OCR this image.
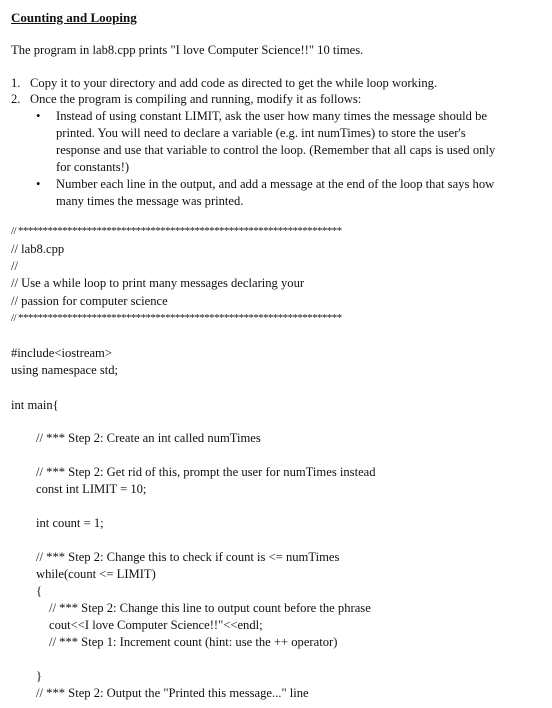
Counting and Looping
The program in lab8.cpp prints "I love Computer Science!!" 10 times.
1. Copy it to your directory and add code as directed to get the while loop working.
2. Once the program is compiling and running, modify it as follows:
• Instead of using constant LIMIT, ask the user how many times the message should be
printed. You will need to declare a variable (e.g. int numTimes) to store the user's
response and use that variable to control the loop. (Remember that all caps is used only
for constants!)
• Number each line in the output, and add a message at the end of the loop that says how
many times the message was printed.
// ******************************************************************
// lab8.cpp
//
// Use a while loop to print many messages declaring your
// passion for computer science
// ******************************************************************
#include<iostream>
using namespace std;
int main{
// *** Step 2: Create an int called numTimes
// *** Step 2: Get rid of this, prompt the user for numTimes instead
const int LIMIT = 10;
int count = 1;
// *** Step 2: Change this to check if count is <= numTimes
while(count <= LIMIT)
{
// *** Step 2: Change this line to output count before the phrase
cout<<I love Computer Science!!"<<endl;
// *** Step 1: Increment count (hint: use the ++ operator)
}
// *** Step 2: Output the "Printed this message..." line
